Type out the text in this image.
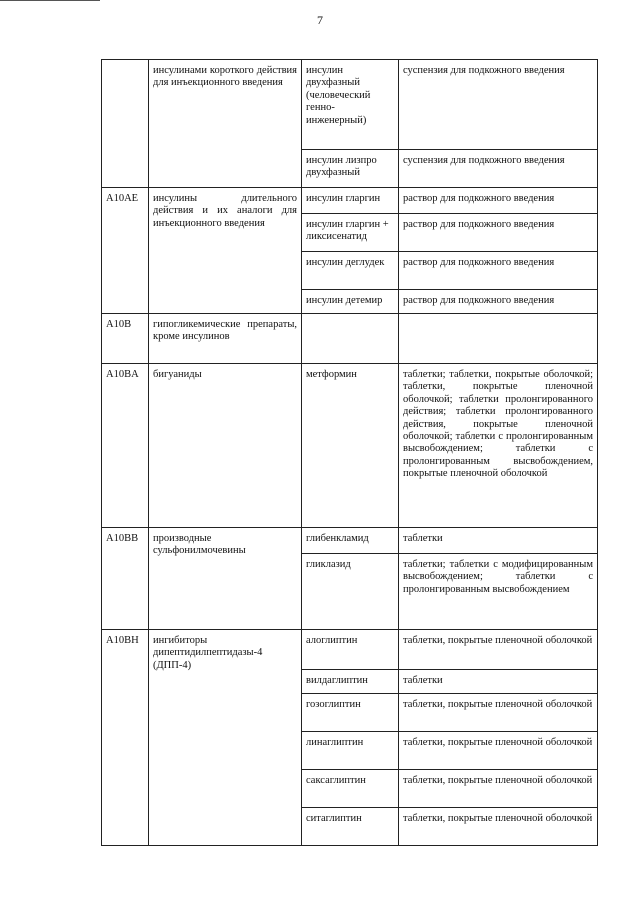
7
	инсулинами короткого действия для инъекционного введения	инсулин двухфазный (человеческий генно-инженерный)	суспензия для подкожного введения
		инсулин лизпро двухфазный	суспензия для подкожного введения
A10AE	инсулины длительного действия и их аналоги для инъекционного введения	инсулин гларгин	раствор для подкожного введения
		инсулин гларгин + ликсисенатид	раствор для подкожного введения
		инсулин деглудек	раствор для подкожного введения
		инсулин детемир	раствор для подкожного введения
A10B	гипогликемические препараты, кроме инсулинов		
A10BA	бигуаниды	метформин	таблетки; таблетки, покрытые оболочкой; таблетки, покрытые пленочной оболочкой; таблетки пролонгированного действия; таблетки пролонгированного действия, покрытые пленочной оболочкой; таблетки с пролонгированным высвобождением; таблетки с пролонгированным высвобождением, покрытые пленочной оболочкой
A10BB	производные сульфонилмочевины	глибенкламид	таблетки
		гликлазид	таблетки; таблетки с модифицированным высвобождением; таблетки с пролонгированным высвобождением
A10BH	ингибиторы дипептидилпептидазы-4 (ДПП-4)	алоглиптин	таблетки, покрытые пленочной оболочкой
		вилдаглиптин	таблетки
		гозоглиптин	таблетки, покрытые пленочной оболочкой
		линаглиптин	таблетки, покрытые пленочной оболочкой
		саксаглиптин	таблетки, покрытые пленочной оболочкой
		ситаглиптин	таблетки, покрытые пленочной оболочкой
